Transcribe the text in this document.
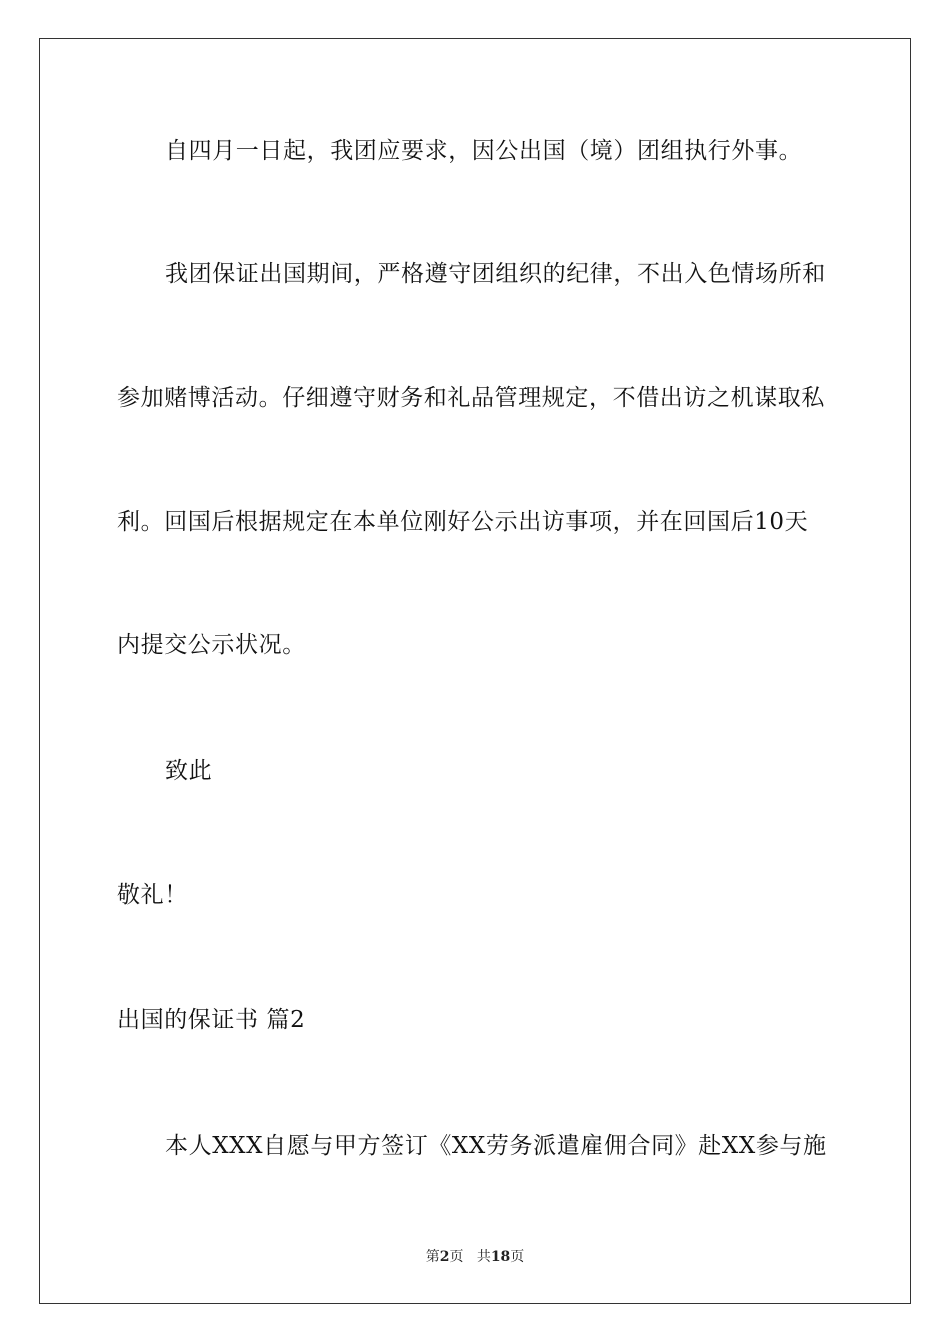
自四月一日起，我团应要求，因公出国（境）团组执行外事。
我团保证出国期间，严格遵守团组织的纪律，不出入色情场所和
参加赌博活动。仔细遵守财务和礼品管理规定，不借出访之机谋取私
利。回国后根据规定在本单位刚好公示出访事项，并在回国后10天
内提交公示状况。
致此
敬礼！
出国的保证书 篇2
本人XXX自愿与甲方签订《XX劳务派遣雇佣合同》赴XX参与施
第2页 共18页
